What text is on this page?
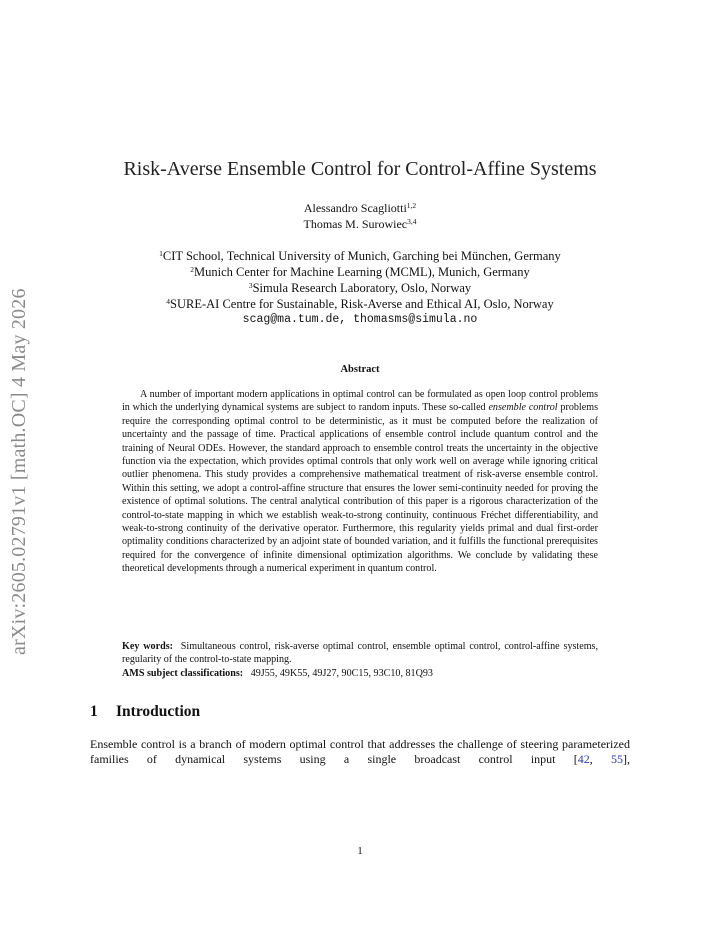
arXiv:2605.02791v1 [math.OC] 4 May 2026
Risk-Averse Ensemble Control for Control-Affine Systems
Alessandro Scagliotti$^{1,2}$
Thomas M. Surowiec$^{3,4}$
$^1$CIT School, Technical University of Munich, Garching bei München, Germany
$^2$Munich Center for Machine Learning (MCML), Munich, Germany
$^3$Simula Research Laboratory, Oslo, Norway
$^4$SURE-AI Centre for Sustainable, Risk-Averse and Ethical AI, Oslo, Norway
scag@ma.tum.de, thomasms@simula.no
Abstract
A number of important modern applications in optimal control can be formulated as open loop control problems in which the underlying dynamical systems are subject to random inputs. These so-called ensemble control problems require the corresponding optimal control to be deterministic, as it must be computed before the realization of uncertainty and the passage of time. Practical applications of ensemble control include quantum control and the training of Neural ODEs. However, the standard approach to ensemble control treats the uncertainty in the objective function via the expectation, which provides optimal controls that only work well on average while ignoring critical outlier phenomena. This study provides a comprehensive mathematical treatment of risk-averse ensemble control. Within this setting, we adopt a control-affine structure that ensures the lower semi-continuity needed for proving the existence of optimal solutions. The central analytical contribution of this paper is a rigorous characterization of the control-to-state mapping in which we establish weak-to-strong continuity, continuous Fréchet differentiability, and weak-to-strong continuity of the derivative operator. Furthermore, this regularity yields primal and dual first-order optimality conditions characterized by an adjoint state of bounded variation, and it fulfills the functional prerequisites required for the convergence of infinite dimensional optimization algorithms. We conclude by validating these theoretical developments through a numerical experiment in quantum control.
Key words: Simultaneous control, risk-averse optimal control, ensemble optimal control, control-affine systems, regularity of the control-to-state mapping.
AMS subject classifications: 49J55, 49K55, 49J27, 90C15, 93C10, 81Q93
1 Introduction
Ensemble control is a branch of modern optimal control that addresses the challenge of steering parameterized families of dynamical systems using a single broadcast control input [42, 55],
1
